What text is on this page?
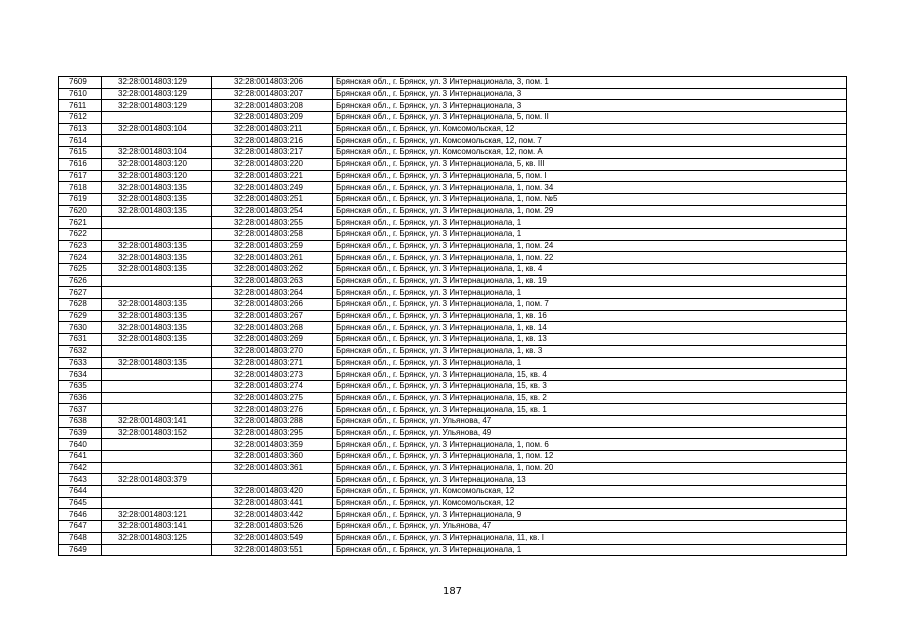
7609	32:28:0014803:129	32:28:0014803:206	Брянская обл., г. Брянск, ул. 3 Интернационала, 3, пом. 1
7610	32:28:0014803:129	32:28:0014803:207	Брянская обл., г. Брянск, ул. 3 Интернационала, 3
7611	32:28:0014803:129	32:28:0014803:208	Брянская обл., г. Брянск, ул. 3 Интернационала, 3
7612		32:28:0014803:209	Брянская обл., г. Брянск, ул. 3 Интернационала, 5, пом. II
7613	32:28:0014803:104	32:28:0014803:211	Брянская обл., г. Брянск, ул. Комсомольская, 12
7614		32:28:0014803:216	Брянская обл., г. Брянск, ул. Комсомольская, 12, пом. 7
7615	32:28:0014803:104	32:28:0014803:217	Брянская обл., г. Брянск, ул. Комсомольская, 12, пом. А
7616	32:28:0014803:120	32:28:0014803:220	Брянская обл., г. Брянск, ул. 3 Интернационала, 5, кв. III
7617	32:28:0014803:120	32:28:0014803:221	Брянская обл., г. Брянск, ул. 3 Интернационала, 5, пом. I
7618	32:28:0014803:135	32:28:0014803:249	Брянская обл., г. Брянск, ул. 3 Интернационала, 1, пом. 34
7619	32:28:0014803:135	32:28:0014803:251	Брянская обл., г. Брянск, ул. 3 Интернационала, 1, пом. №5
7620	32:28:0014803:135	32:28:0014803:254	Брянская обл., г. Брянск, ул. 3 Интернационала, 1, пом. 29
7621		32:28:0014803:255	Брянская обл., г. Брянск, ул. 3 Интернационала, 1
7622		32:28:0014803:258	Брянская обл., г. Брянск, ул. 3 Интернационала, 1
7623	32:28:0014803:135	32:28:0014803:259	Брянская обл., г. Брянск, ул. 3 Интернационала, 1, пом. 24
7624	32:28:0014803:135	32:28:0014803:261	Брянская обл., г. Брянск, ул. 3 Интернационала, 1, пом. 22
7625	32:28:0014803:135	32:28:0014803:262	Брянская обл., г. Брянск, ул. 3 Интернационала, 1, кв. 4
7626		32:28:0014803:263	Брянская обл., г. Брянск, ул. 3 Интернационала, 1, кв. 19
7627		32:28:0014803:264	Брянская обл., г. Брянск, ул. 3 Интернационала, 1
7628	32:28:0014803:135	32:28:0014803:266	Брянская обл., г. Брянск, ул. 3 Интернационала, 1, пом. 7
7629	32:28:0014803:135	32:28:0014803:267	Брянская обл., г. Брянск, ул. 3 Интернационала, 1, кв. 16
7630	32:28:0014803:135	32:28:0014803:268	Брянская обл., г. Брянск, ул. 3 Интернационала, 1, кв. 14
7631	32:28:0014803:135	32:28:0014803:269	Брянская обл., г. Брянск, ул. 3 Интернационала, 1, кв. 13
7632		32:28:0014803:270	Брянская обл., г. Брянск, ул. 3 Интернационала, 1, кв. 3
7633	32:28:0014803:135	32:28:0014803:271	Брянская обл., г. Брянск, ул. 3 Интернационала, 1
7634		32:28:0014803:273	Брянская обл., г. Брянск, ул. 3 Интернационала, 15, кв. 4
7635		32:28:0014803:274	Брянская обл., г. Брянск, ул. 3 Интернационала, 15, кв. 3
7636		32:28:0014803:275	Брянская обл., г. Брянск, ул. 3 Интернационала, 15, кв. 2
7637		32:28:0014803:276	Брянская обл., г. Брянск, ул. 3 Интернационала, 15, кв. 1
7638	32:28:0014803:141	32:28:0014803:288	Брянская обл., г. Брянск, ул. Ульянова, 47
7639	32:28:0014803:152	32:28:0014803:295	Брянская обл., г. Брянск, ул. Ульянова, 49
7640		32:28:0014803:359	Брянская обл., г. Брянск, ул. 3 Интернационала, 1, пом. 6
7641		32:28:0014803:360	Брянская обл., г. Брянск, ул. 3 Интернационала, 1, пом. 12
7642		32:28:0014803:361	Брянская обл., г. Брянск, ул. 3 Интернационала, 1, пом. 20
7643	32:28:0014803:379		Брянская обл., г. Брянск, ул. 3 Интернационала, 13
7644		32:28:0014803:420	Брянская обл., г. Брянск, ул. Комсомольская, 12
7645		32:28:0014803:441	Брянская обл., г. Брянск, ул. Комсомольская, 12
7646	32:28:0014803:121	32:28:0014803:442	Брянская обл., г. Брянск, ул. 3 Интернационала, 9
7647	32:28:0014803:141	32:28:0014803:526	Брянская обл., г. Брянск, ул. Ульянова, 47
7648	32:28:0014803:125	32:28:0014803:549	Брянская обл., г. Брянск, ул. 3 Интернационала, 11, кв. I
7649		32:28:0014803:551	Брянская обл., г. Брянск, ул. 3 Интернационала, 1
187
